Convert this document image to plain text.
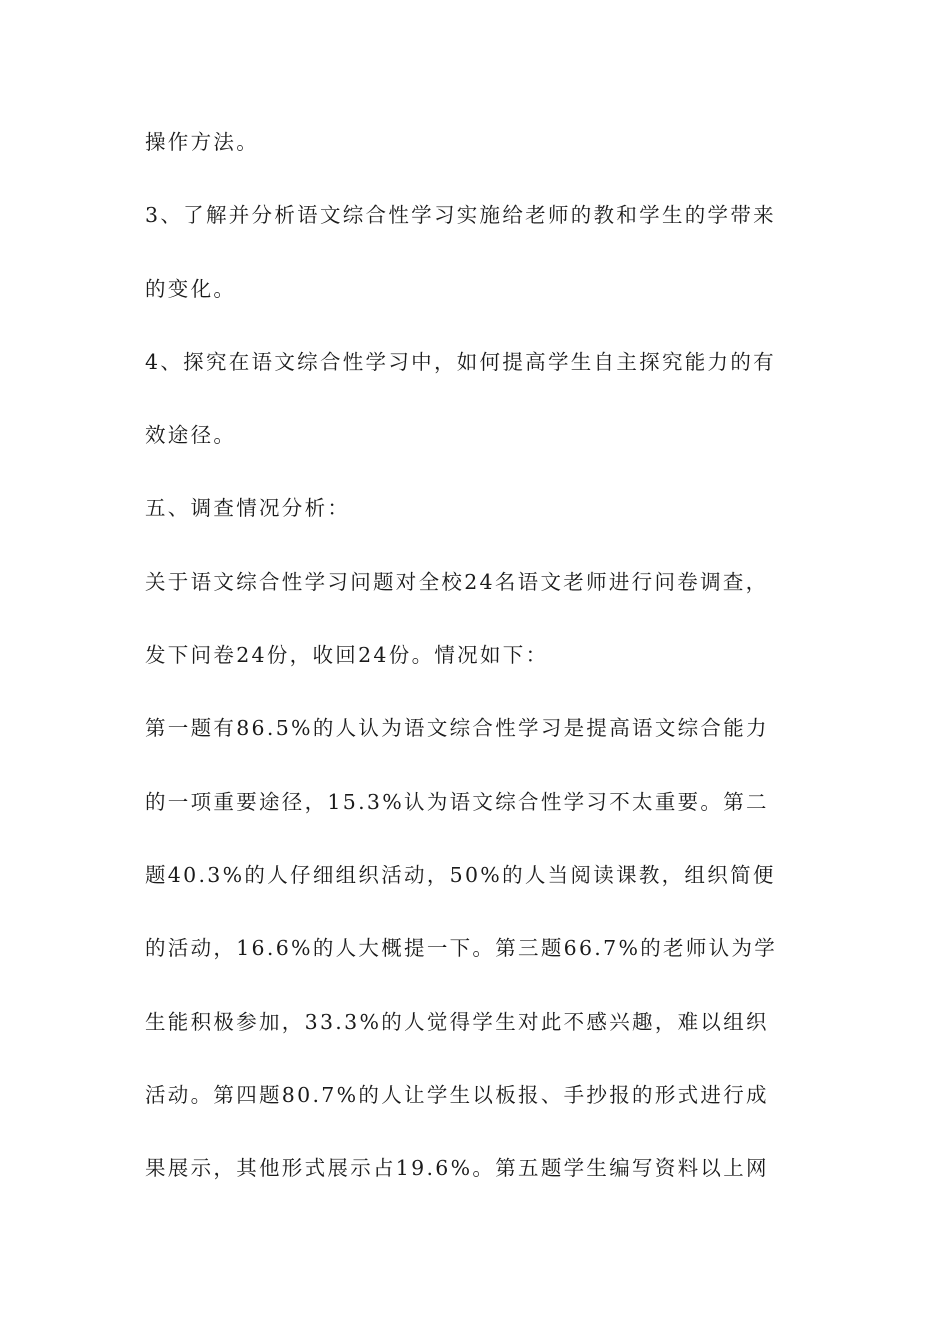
操作方法。
3、了解并分析语文综合性学习实施给老师的教和学生的学带来
的变化。
4、探究在语文综合性学习中，如何提高学生自主探究能力的有
效途径。
五、调查情况分析：
关于语文综合性学习问题对全校24名语文老师进行问卷调查，
发下问卷24份，收回24份。情况如下：
第一题有86.5%的人认为语文综合性学习是提高语文综合能力
的一项重要途径，15.3%认为语文综合性学习不太重要。第二
题40.3%的人仔细组织活动，50%的人当阅读课教，组织简便
的活动，16.6%的人大概提一下。第三题66.7%的老师认为学
生能积极参加，33.3%的人觉得学生对此不感兴趣，难以组织
活动。第四题80.7%的人让学生以板报、手抄报的形式进行成
果展示，其他形式展示占19.6%。第五题学生编写资料以上网
